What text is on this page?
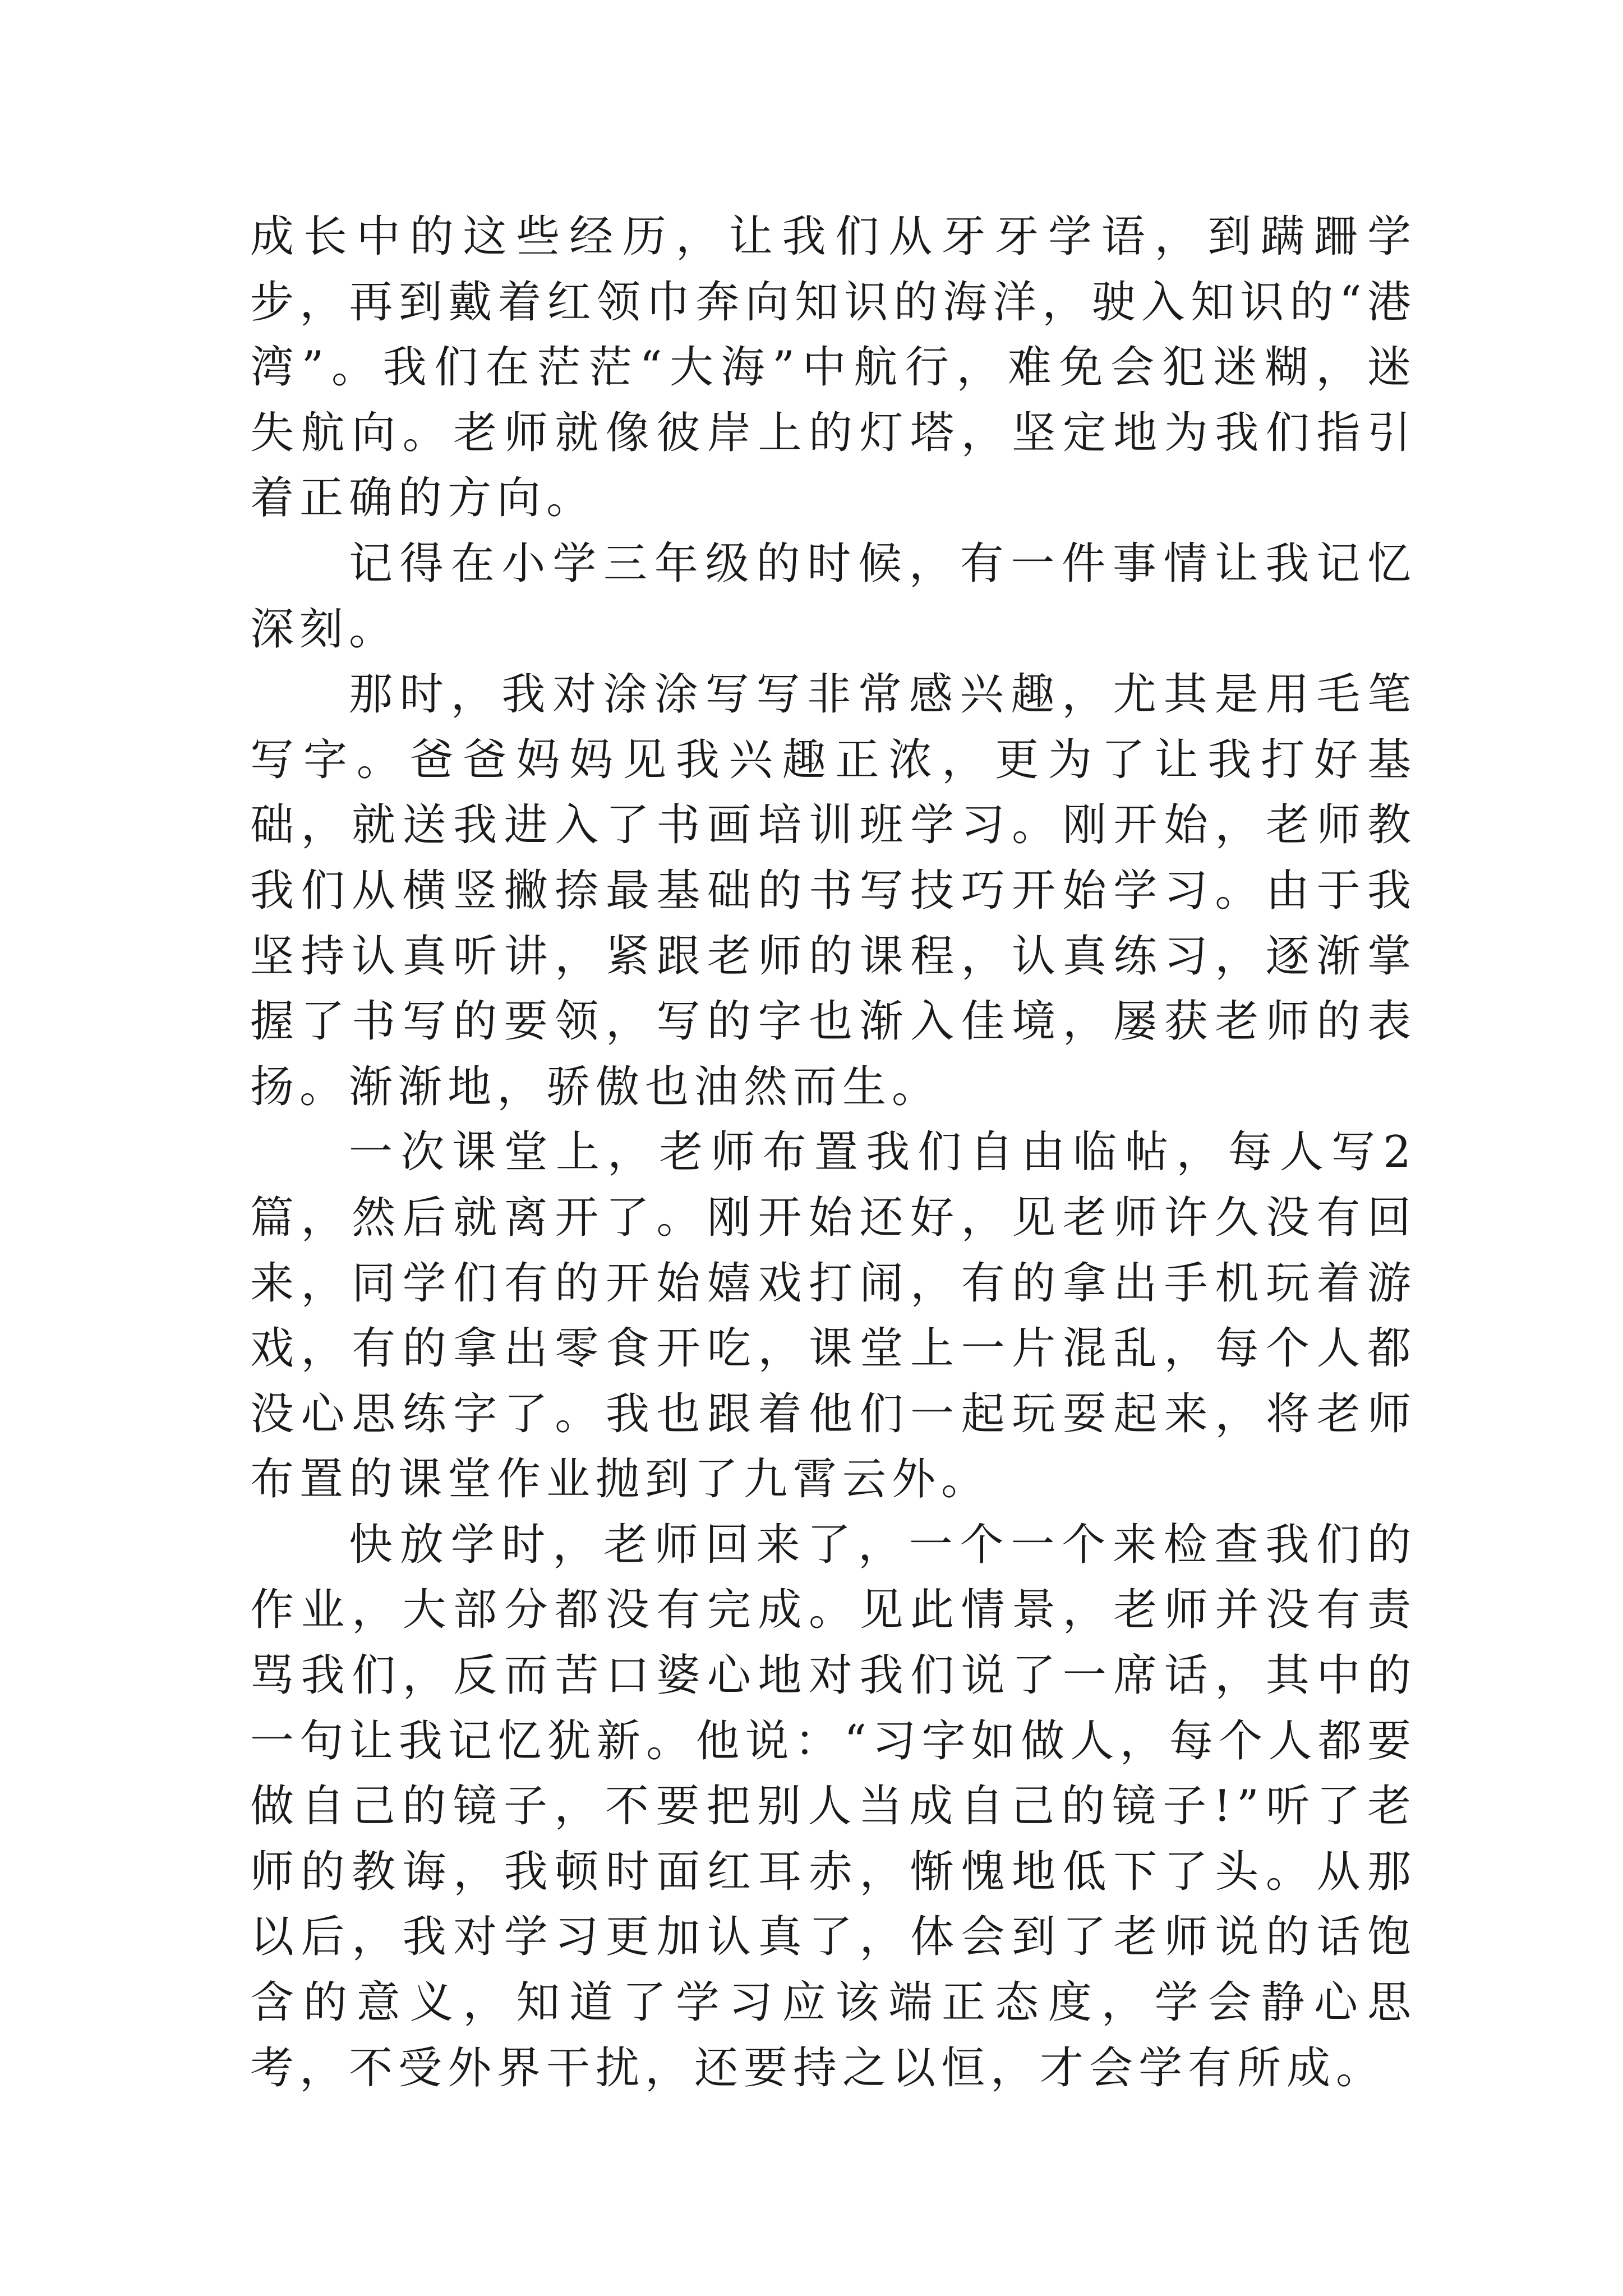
成长中的这些经历，让我们从牙牙学语，到蹒跚学步，再到戴着红领巾奔向知识的海洋，驶入知识的“港湾”。我们在茫茫“大海”中航行，难免会犯迷糊，迷失航向。老师就像彼岸上的灯塔，坚定地为我们指引着正确的方向。

记得在小学三年级的时候，有一件事情让我记忆深刻。

那时，我对涂涂写写非常感兴趣，尤其是用毛笔写字。爸爸妈妈见我兴趣正浓，更为了让我打好基础，就送我进入了书画培训班学习。刚开始，老师教我们从横竖撇捺最基础的书写技巧开始学习。由于我坚持认真听讲，紧跟老师的课程，认真练习，逐渐掌握了书写的要领，写的字也渐入佳境，屡获老师的表扬。渐渐地，骄傲也油然而生。

一次课堂上，老师布置我们自由临帖，每人写2篇，然后就离开了。刚开始还好，见老师许久没有回来，同学们有的开始嬉戏打闹，有的拿出手机玩着游戏，有的拿出零食开吃，课堂上一片混乱，每个人都没心思练字了。我也跟着他们一起玩耍起来，将老师布置的课堂作业抛到了九霄云外。

快放学时，老师回来了，一个一个来检查我们的作业，大部分都没有完成。见此情景，老师并没有责骂我们，反而苦口婆心地对我们说了一席话，其中的一句让我记忆犹新。他说：“习字如做人，每个人都要做自己的镜子，不要把别人当成自己的镜子!”听了老师的教诲，我顿时面红耳赤，惭愧地低下了头。从那以后，我对学习更加认真了，体会到了老师说的话饱含的意义，知道了学习应该端正态度，学会静心思考，不受外界干扰，还要持之以恒，才会学有所成。
